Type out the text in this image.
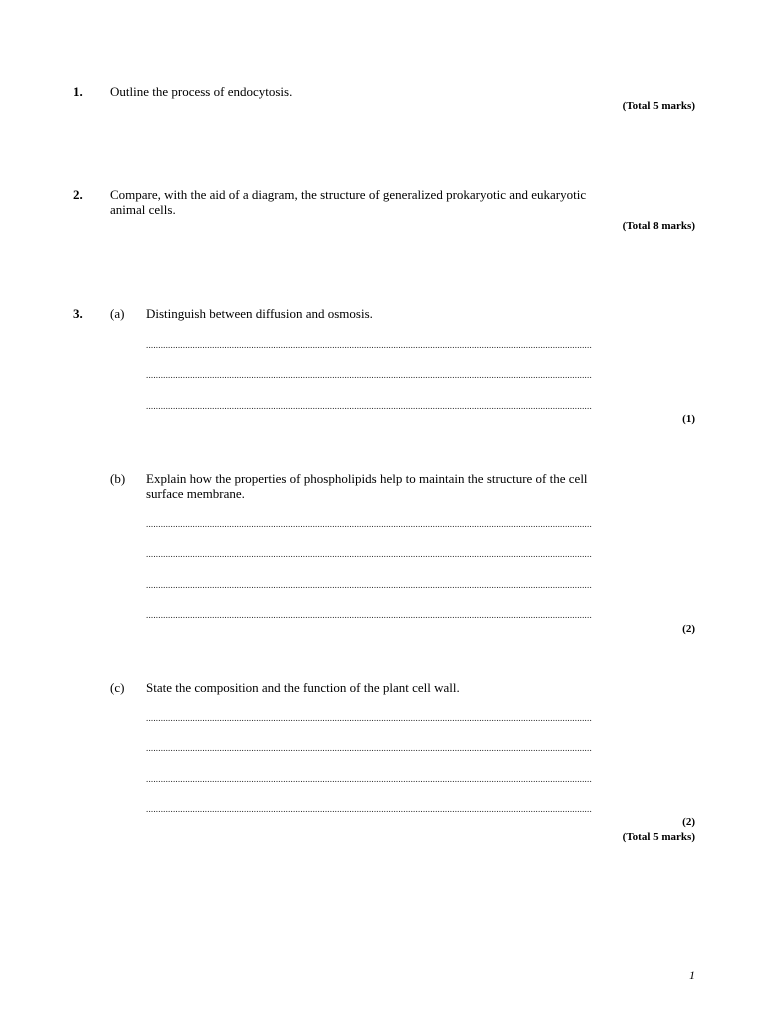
1. Outline the process of endocytosis.
(Total 5 marks)
2. Compare, with the aid of a diagram, the structure of generalized prokaryotic and eukaryotic
animal cells.
(Total 8 marks)
3. (a) Distinguish between diffusion and osmosis.
......................................................................................................................................................................................
......................................................................................................................................................................................
......................................................................................................................................................................................
(1)
(b) Explain how the properties of phospholipids help to maintain the structure of the cell
surface membrane.
......................................................................................................................................................................................
......................................................................................................................................................................................
......................................................................................................................................................................................
......................................................................................................................................................................................
(2)
(c) State the composition and the function of the plant cell wall.
......................................................................................................................................................................................
......................................................................................................................................................................................
......................................................................................................................................................................................
......................................................................................................................................................................................
(2)
(Total 5 marks)
1
